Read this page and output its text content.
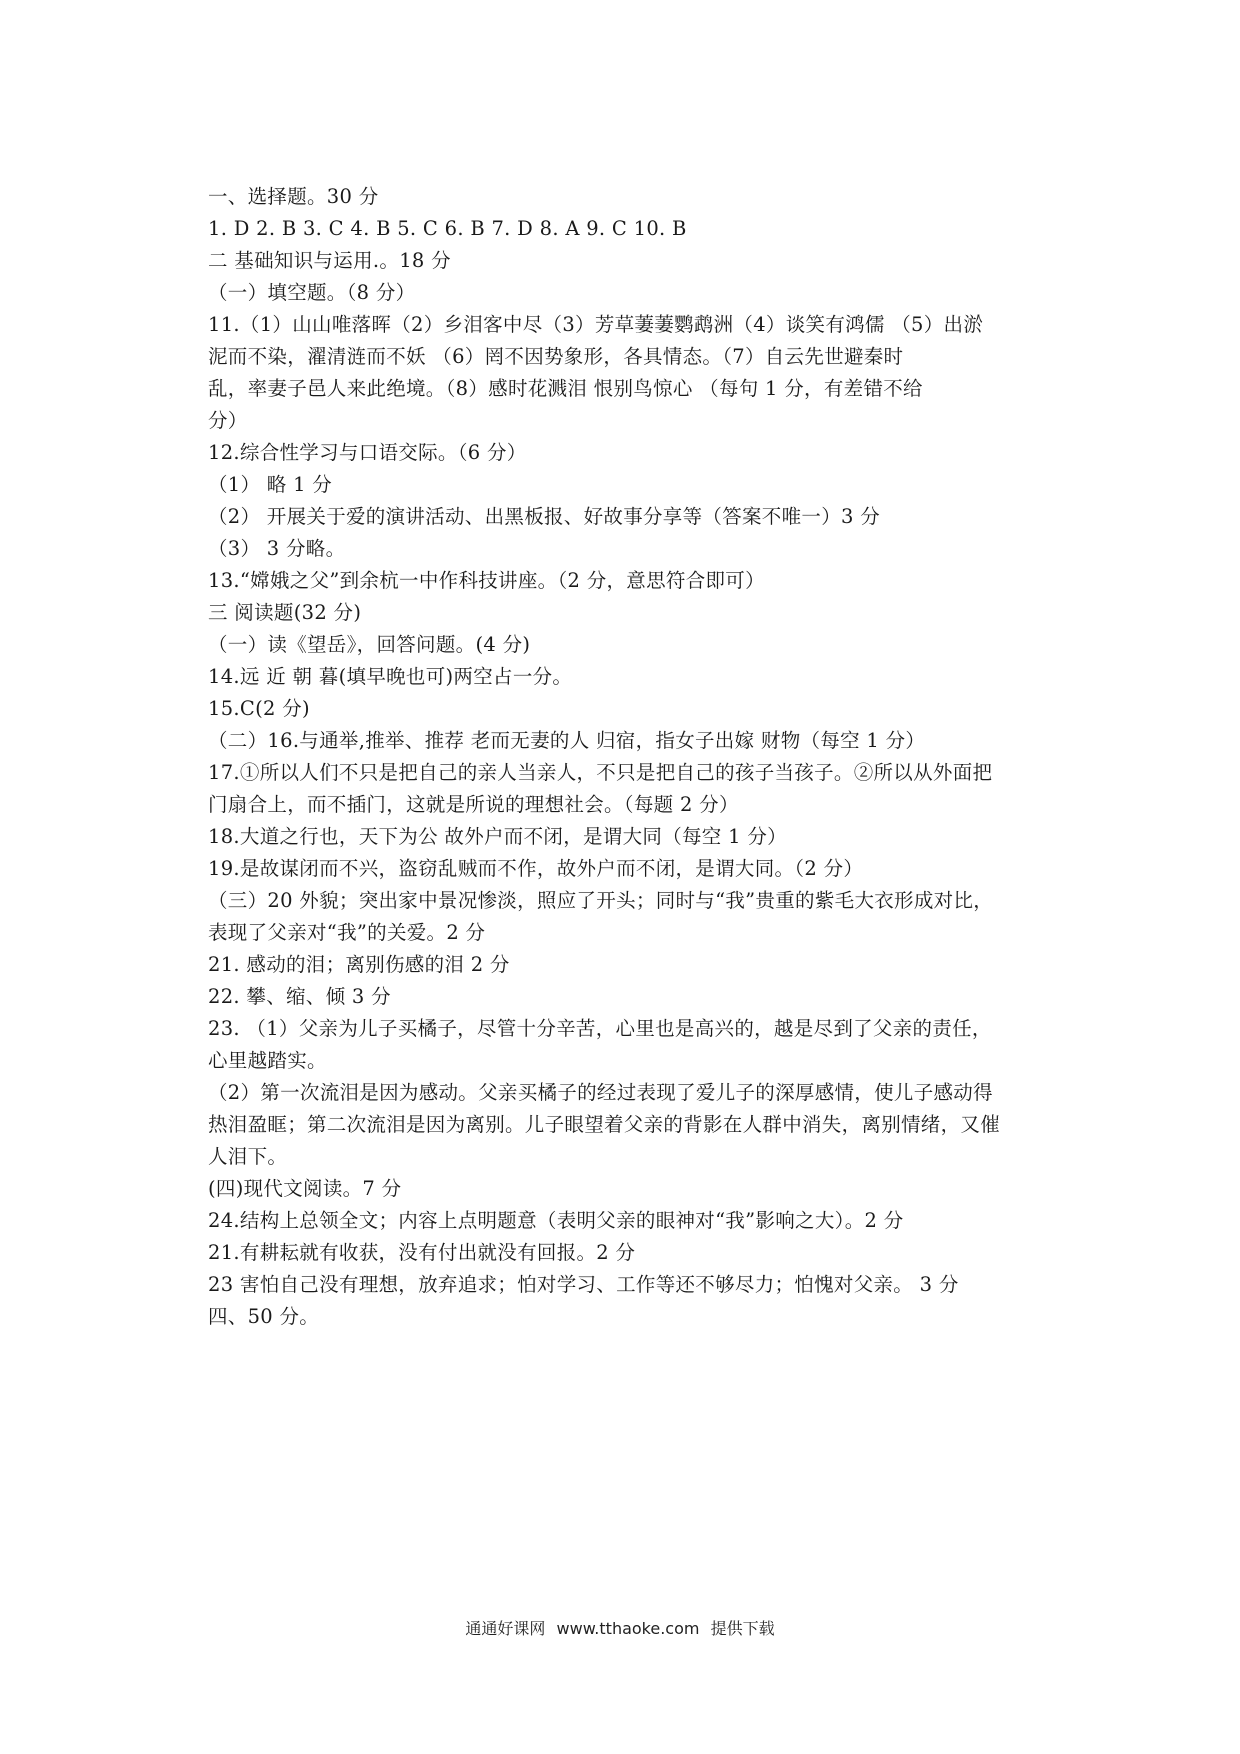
一、选择题。30 分
1. D 2. B 3. C 4. B 5. C 6. B 7. D 8. A 9. C 10. B
二 基础知识与运用.。18 分
（一）填空题。（8 分）
11.（1）山山唯落晖（2）乡泪客中尽（3）芳草萋萋鹦鹉洲（4）谈笑有鸿儒 （5）出淤
泥而不染，濯清涟而不妖 （6）罔不因势象形，各具情态。（7）自云先世避秦时
乱，率妻子邑人来此绝境。（8）感时花溅泪 恨别鸟惊心 （每句 1 分，有差错不给
分）
12.综合性学习与口语交际。（6 分）
（1） 略 1 分
（2） 开展关于爱的演讲活动、出黑板报、好故事分享等（答案不唯一）3 分
（3） 3 分略。
13.“嫦娥之父”到余杭一中作科技讲座。（2 分，意思符合即可）
三 阅读题(32 分)
（一）读《望岳》，回答问题。(4 分)
14.远 近 朝 暮(填早晚也可)两空占一分。
15.C(2 分)
（二）16.与通举,推举、推荐 老而无妻的人 归宿，指女子出嫁 财物（每空 1 分）
17.①所以人们不只是把自己的亲人当亲人，不只是把自己的孩子当孩子。②所以从外面把
门扇合上，而不插门，这就是所说的理想社会。（每题 2 分）
18.大道之行也，天下为公 故外户而不闭，是谓大同（每空 1 分）
19.是故谋闭而不兴，盗窃乱贼而不作，故外户而不闭，是谓大同。（2 分）
（三）20 外貌；突出家中景况惨淡，照应了开头；同时与“我”贵重的紫毛大衣形成对比，
表现了父亲对“我”的关爱。2 分
21. 感动的泪；离别伤感的泪 2 分
22. 攀、缩、倾 3 分
23. （1）父亲为儿子买橘子，尽管十分辛苦，心里也是高兴的，越是尽到了父亲的责任，
心里越踏实。
（2）第一次流泪是因为感动。父亲买橘子的经过表现了爱儿子的深厚感情，使儿子感动得
热泪盈眶；第二次流泪是因为离别。儿子眼望着父亲的背影在人群中消失，离别情绪，又催
人泪下。
(四)现代文阅读。7 分
24.结构上总领全文；内容上点明题意（表明父亲的眼神对“我”影响之大）。2 分
21.有耕耘就有收获，没有付出就没有回报。2 分
23 害怕自己没有理想，放弃追求；怕对学习、工作等还不够尽力；怕愧对父亲。 3 分
四、50 分。
通通好课网 www.tthaoke.com 提供下载
